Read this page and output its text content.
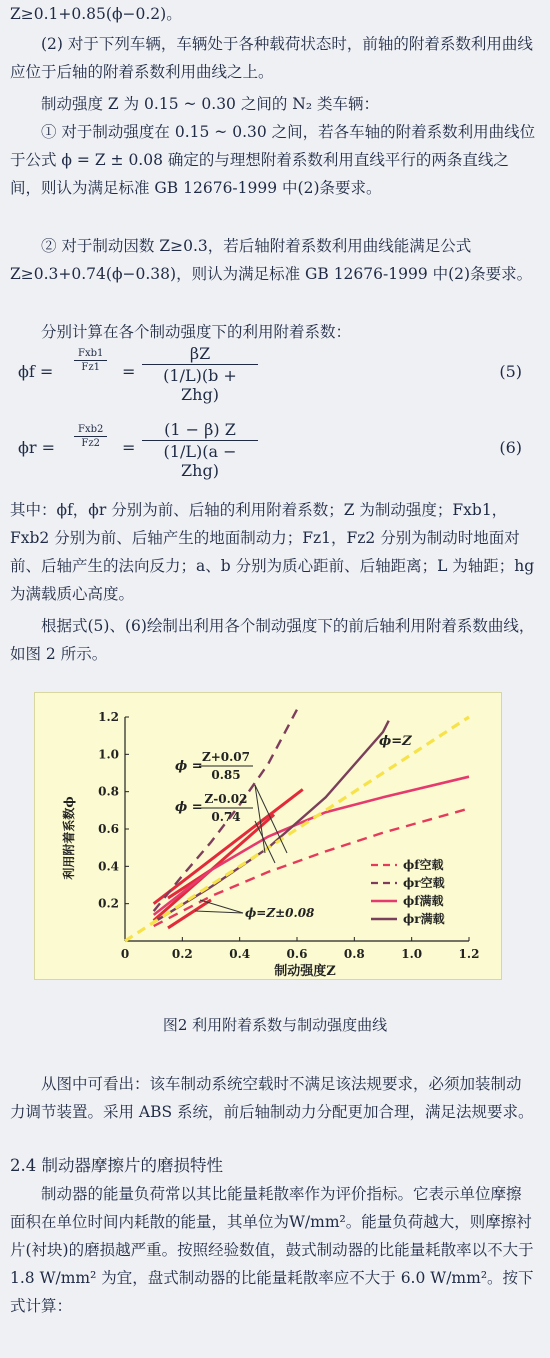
Z≥0.1+0.85(ϕ−0.2)。

(2) 对于下列车辆，车辆处于各种载荷状态时，前轴的附着系数利用曲线应位于后轴的附着系数利用曲线之上。

制动强度 Z 为 0.15 ~ 0.30 之间的 N₂ 类车辆：

① 对于制动强度在 0.15 ~ 0.30 之间，若各车轴的附着系数利用曲线位于公式 ϕ = Z ± 0.08 确定的与理想附着系数利用直线平行的两条直线之间，则认为满足标准 GB 12676-1999 中(2)条要求。

② 对于制动因数 Z≥0.3，若后轴附着系数利用曲线能满足公式 Z≥0.3+0.74(ϕ−0.38)，则认为满足标准 GB 12676-1999 中(2)条要求。

分别计算在各个制动强度下的利用附着系数：

ϕf =
Fxb1
Fz1	=
βZ
(1/L)(b + Zhg)
(5)
ϕr =
Fxb2
Fz2	=
(1 − β) Z
(1/L)(a − Zhg)
(6)

其中：ϕf，ϕr 分别为前、后轴的利用附着系数；Z 为制动强度；Fxb1，Fxb2 分别为前、后轴产生的地面制动力；Fz1，Fz2 分别为制动时地面对前、后轴产生的法向反力；a、b 分别为质心距前、后轴距离；L 为轴距；hg 为满载质心高度。

根据式(5)、(6)绘制出利用各个制动强度下的前后轴利用附着系数曲线，如图 2 所示。

利用附着系数ϕ
制动强度Z
0	0.2	0.4	0.6	0.8	1.0	1.2
1.2
1.0
0.8
0.6
0.4
0.2
ϕ=Z
ϕ =
Z+0.07
0.85
ϕ =
Z-0.02
0.74
ϕ=Z±0.08
ϕf空载
ϕr空载
ϕf满载
ϕr满载
图2 利用附着系数与制动强度曲线

从图中可看出：该车制动系统空载时不满足该法规要求，必须加装制动力调节装置。采用 ABS 系统，前后轴制动力分配更加合理，满足法规要求。

2.4 制动器摩擦片的磨损特性

制动器的能量负荷常以其比能量耗散率作为评价指标。它表示单位摩擦面积在单位时间内耗散的能量，其单位为W/mm²。能量负荷越大，则摩擦衬片(衬块)的磨损越严重。按照经验数值，鼓式制动器的比能量耗散率以不大于 1.8 W/mm² 为宜，盘式制动器的比能量耗散率应不大于 6.0 W/mm²。按下式计算：
